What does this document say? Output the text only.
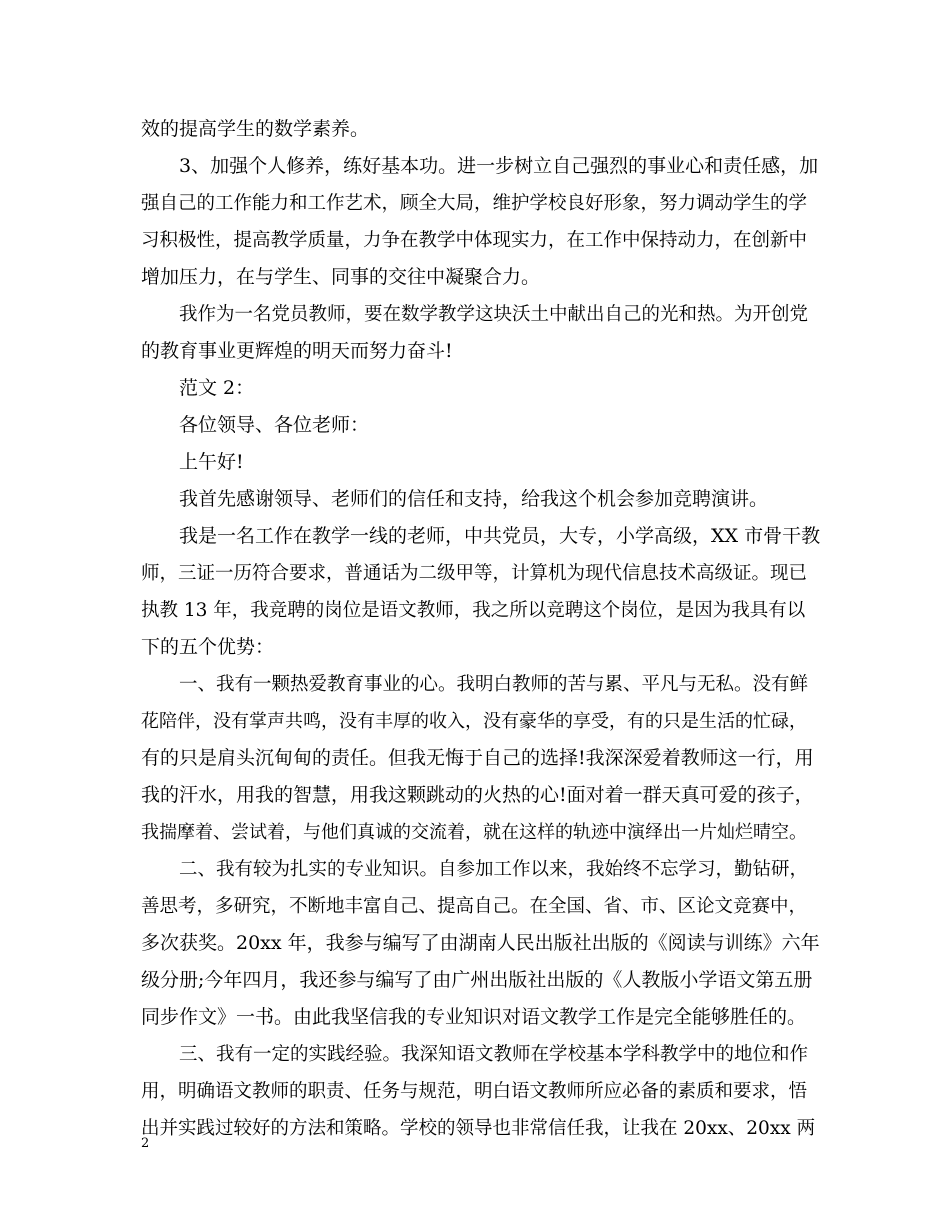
效的提高学生的数学素养。
3、加强个人修养，练好基本功。进一步树立自己强烈的事业心和责任感，加
强自己的工作能力和工作艺术，顾全大局，维护学校良好形象，努力调动学生的学
习积极性，提高教学质量，力争在教学中体现实力，在工作中保持动力，在创新中
增加压力，在与学生、同事的交往中凝聚合力。
我作为一名党员教师，要在数学教学这块沃土中献出自己的光和热。为开创党
的教育事业更辉煌的明天而努力奋斗!
范文 2：
各位领导、各位老师：
上午好!
我首先感谢领导、老师们的信任和支持，给我这个机会参加竞聘演讲。
我是一名工作在教学一线的老师，中共党员，大专，小学高级，XX 市骨干教
师，三证一历符合要求，普通话为二级甲等，计算机为现代信息技术高级证。现已
执教 13 年，我竞聘的岗位是语文教师，我之所以竞聘这个岗位，是因为我具有以
下的五个优势：
一、我有一颗热爱教育事业的心。我明白教师的苦与累、平凡与无私。没有鲜
花陪伴，没有掌声共鸣，没有丰厚的收入，没有豪华的享受，有的只是生活的忙碌，
有的只是肩头沉甸甸的责任。但我无悔于自己的选择!我深深爱着教师这一行，用
我的汗水，用我的智慧，用我这颗跳动的火热的心!面对着一群天真可爱的孩子，
我揣摩着、尝试着，与他们真诚的交流着，就在这样的轨迹中演绎出一片灿烂晴空。
二、我有较为扎实的专业知识。自参加工作以来，我始终不忘学习，勤钻研，
善思考，多研究，不断地丰富自己、提高自己。在全国、省、市、区论文竞赛中，
多次获奖。20xx 年，我参与编写了由湖南人民出版社出版的《阅读与训练》六年
级分册;今年四月，我还参与编写了由广州出版社出版的《人教版小学语文第五册
同步作文》一书。由此我坚信我的专业知识对语文教学工作是完全能够胜任的。
三、我有一定的实践经验。我深知语文教师在学校基本学科教学中的地位和作
用，明确语文教师的职责、任务与规范，明白语文教师所应必备的素质和要求，悟
出并实践过较好的方法和策略。学校的领导也非常信任我，让我在 20xx、20xx 两
2
